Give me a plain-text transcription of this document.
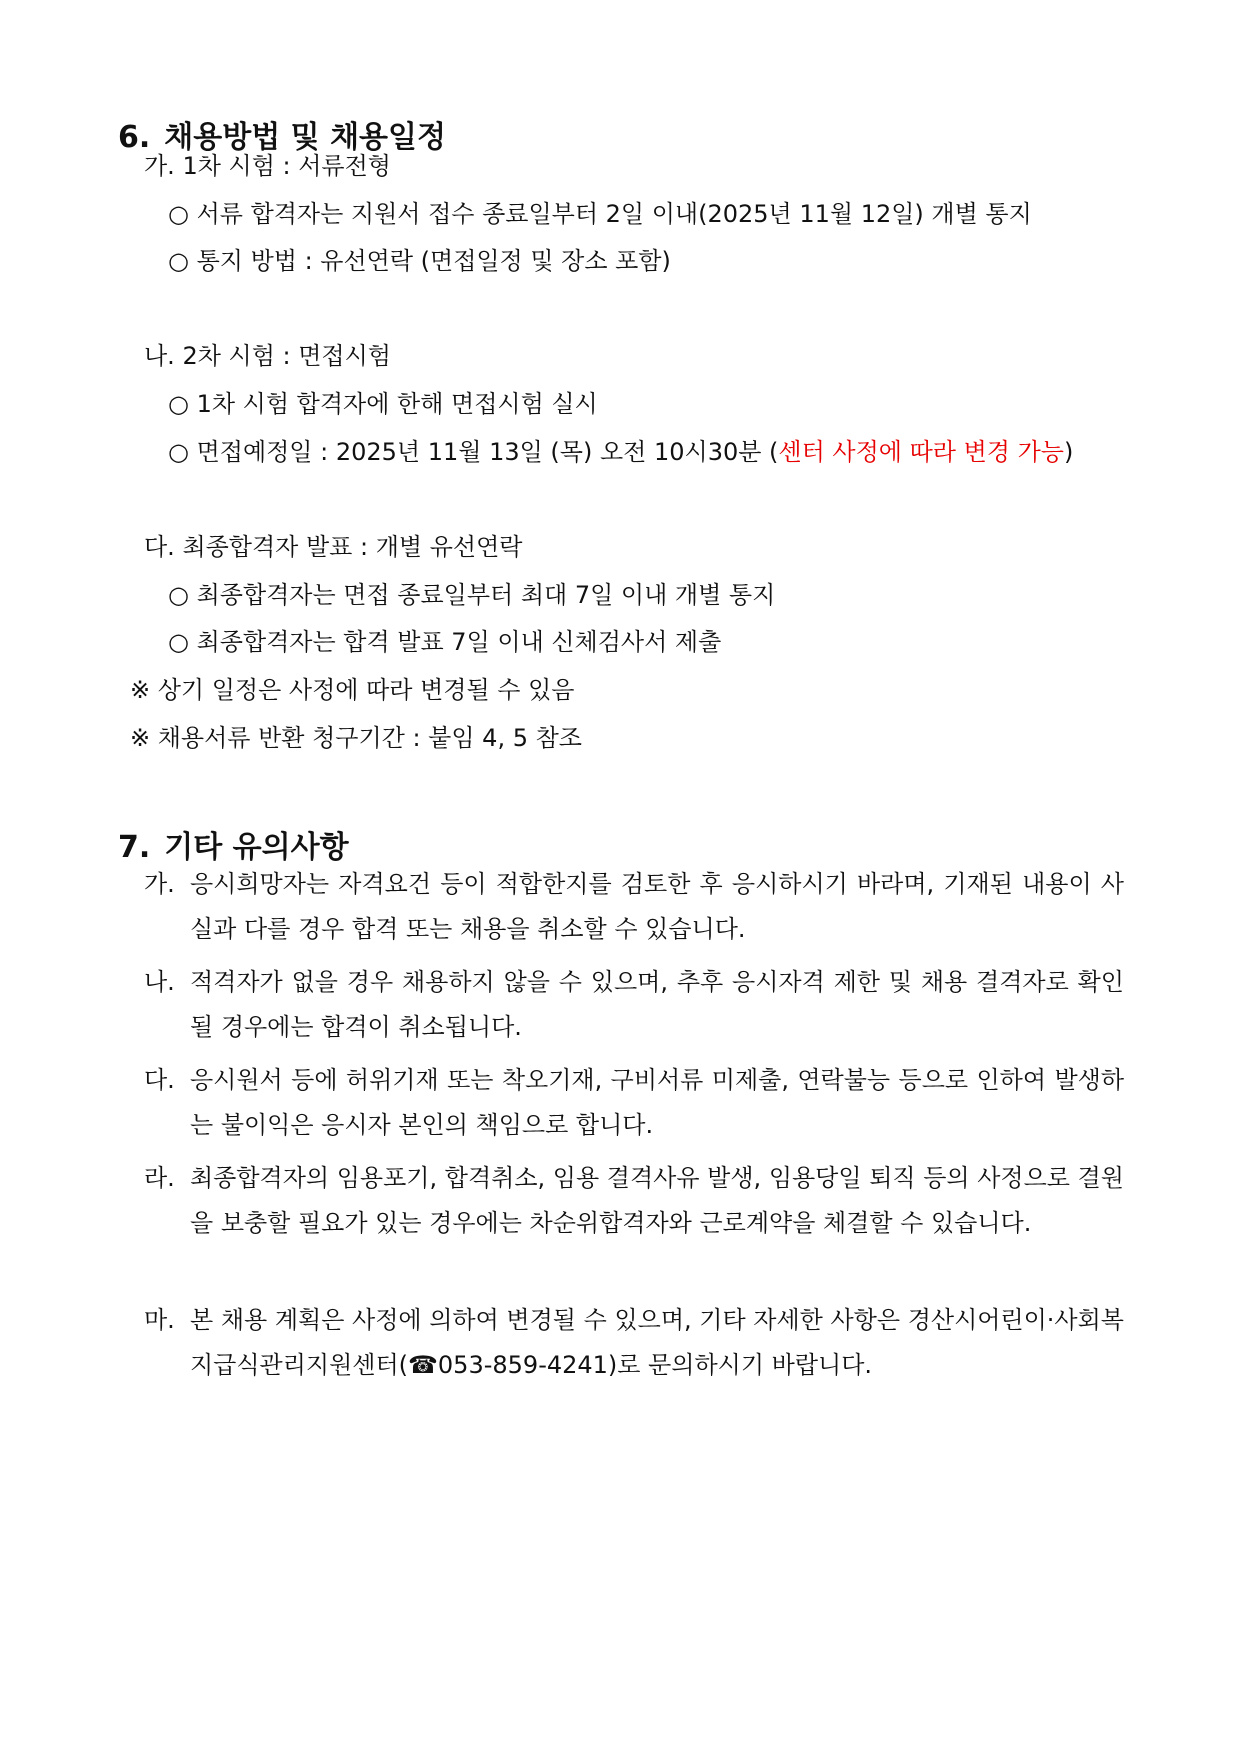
6. 채용방법 및 채용일정
가. 1차 시험 : 서류전형
○ 서류 합격자는 지원서 접수 종료일부터 2일 이내(2025년 11월 12일) 개별 통지
○ 통지 방법 : 유선연락 (면접일정 및 장소 포함)
나. 2차 시험 : 면접시험
○ 1차 시험 합격자에 한해 면접시험 실시
○ 면접예정일 : 2025년 11월 13일 (목) 오전 10시30분 (센터 사정에 따라 변경 가능)
다. 최종합격자 발표 : 개별 유선연락
○ 최종합격자는 면접 종료일부터 최대 7일 이내 개별 통지
○ 최종합격자는 합격 발표 7일 이내 신체검사서 제출
※ 상기 일정은 사정에 따라 변경될 수 있음
※ 채용서류 반환 청구기간 : 붙임 4, 5 참조
7. 기타 유의사항
가. 응시희망자는 자격요건 등이 적합한지를 검토한 후 응시하시기 바라며, 기재된 내용이 사실과 다를 경우 합격 또는 채용을 취소할 수 있습니다.
나. 적격자가 없을 경우 채용하지 않을 수 있으며, 추후 응시자격 제한 및 채용 결격자로 확인 될 경우에는 합격이 취소됩니다.
다. 응시원서 등에 허위기재 또는 착오기재, 구비서류 미제출, 연락불능 등으로 인하여 발생하는 불이익은 응시자 본인의 책임으로 합니다.
라. 최종합격자의 임용포기, 합격취소, 임용 결격사유 발생, 임용당일 퇴직 등의 사정으로 결원을 보충할 필요가 있는 경우에는 차순위합격자와 근로계약을 체결할 수 있습니다.
마. 본 채용 계획은 사정에 의하여 변경될 수 있으며, 기타 자세한 사항은 경산시어린이·사회복지급식관리지원센터(☎053-859-4241)로 문의하시기 바랍니다.
